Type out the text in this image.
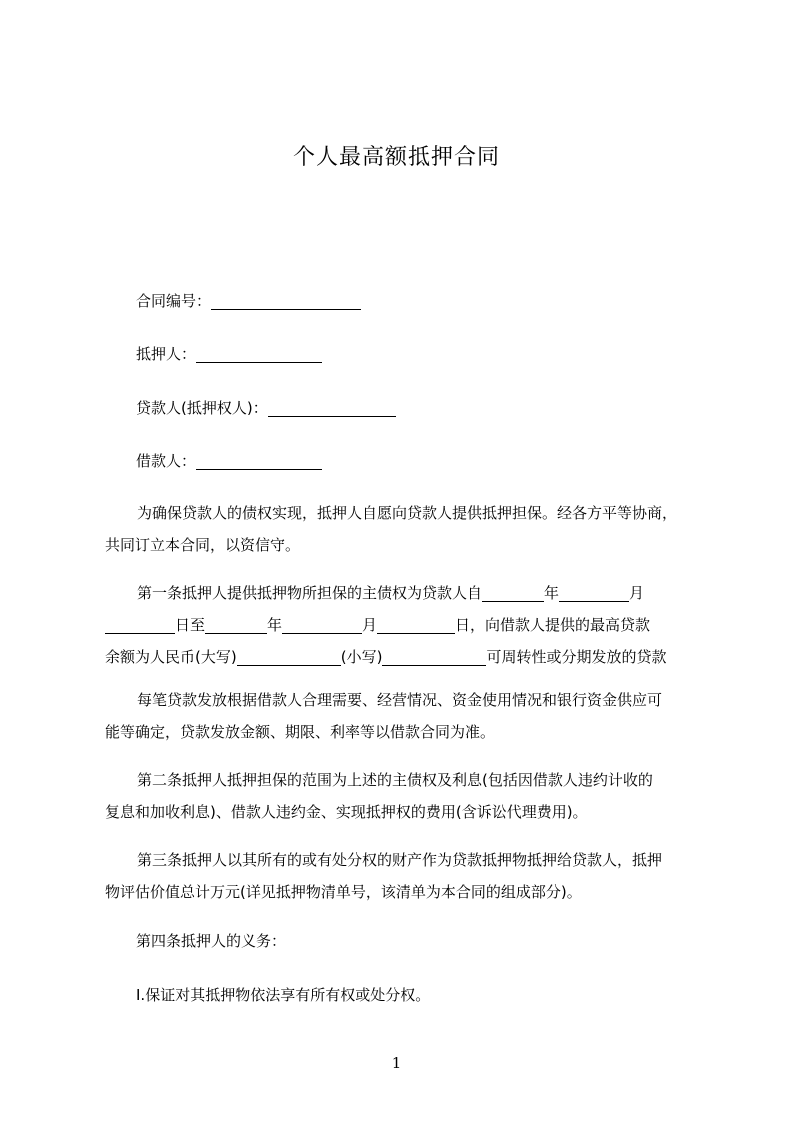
个人最高额抵押合同
合同编号：
抵押人：
贷款人(抵押权人)：
借款人：
为确保贷款人的债权实现，抵押人自愿向贷款人提供抵押担保。经各方平等协商，
共同订立本合同，以资信守。
第一条抵押人提供抵押物所担保的主债权为贷款人自	年	月
日至	年	月	日，向借款人提供的最高贷款
余额为人民币(大写)	(小写)	可周转性或分期发放的贷款
每笔贷款发放根据借款人合理需要、经营情况、资金使用情况和银行资金供应可
能等确定，贷款发放金额、期限、利率等以借款合同为准。
第二条抵押人抵押担保的范围为上述的主债权及利息(包括因借款人违约计收的
复息和加收利息)、借款人违约金、实现抵押权的费用(含诉讼代理费用)。
第三条抵押人以其所有的或有处分权的财产作为贷款抵押物抵押给贷款人，抵押
物评估价值总计万元(详见抵押物清单号，该清单为本合同的组成部分)。
第四条抵押人的义务：
I.保证对其抵押物依法享有所有权或处分权。
1
